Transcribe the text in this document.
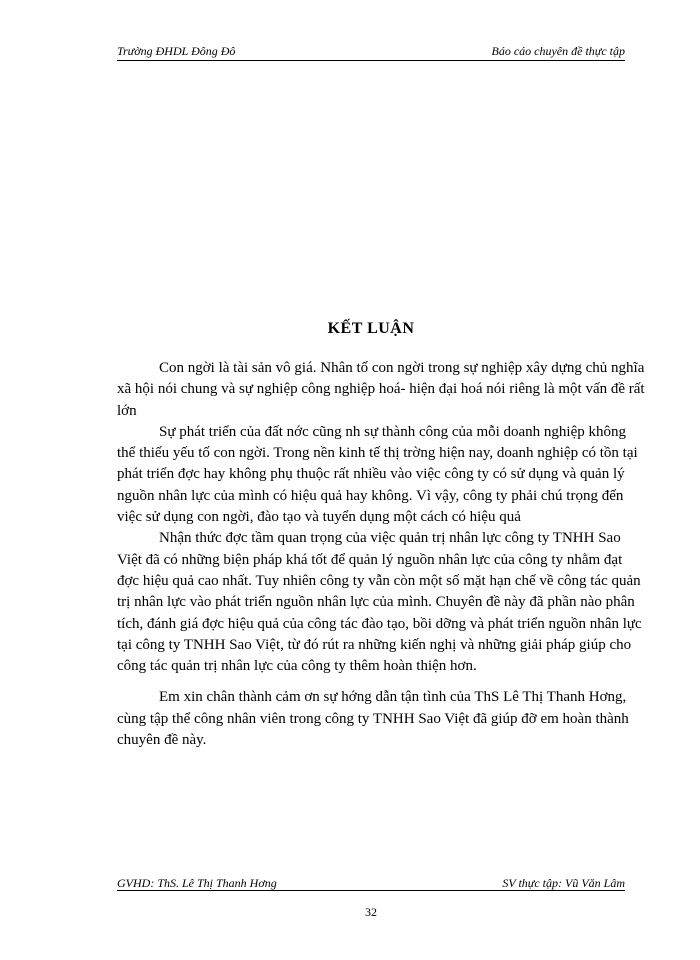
Trường ĐHDL Đông Đô	Báo cáo chuyên đề thực tập
KẾT LUẬN

Con ngời là tài sản vô giá. Nhân tố con ngời trong sự nghiệp xây dựng chủ nghĩa xã hội nói chung và sự nghiệp công nghiệp hoá- hiện đại hoá nói riêng là một vấn đề rất lớn

Sự phát triển của đất nớc cũng nh sự thành công của mỗi doanh nghiệp không thể thiếu yếu tố con ngời. Trong nền kinh tế thị trờng hiện nay, doanh nghiệp có tồn tại phát triển đợc hay không phụ thuộc rất nhiều vào việc công ty có sử dụng và quản lý nguồn nhân lực của mình có hiệu quả hay không. Vì vậy, công ty phải chú trọng đến việc sử dụng con ngời, đào tạo và tuyển dụng một cách có hiệu quả

Nhận thức đợc tầm quan trọng của việc quản trị nhân lực công ty TNHH Sao Việt đã có những biện pháp khá tốt để quản lý nguồn nhân lực của công ty nhằm đạt đợc hiệu quả cao nhất. Tuy nhiên công ty vẫn còn một số mặt hạn chế về công tác quản trị nhân lực vào phát triển nguồn nhân lực của mình. Chuyên đề này đã phần nào phân tích, đánh giá đợc hiệu quả của công tác đào tạo, bồi dỡng và phát triển nguồn nhân lực tại công ty TNHH Sao Việt, từ đó rút ra những kiến nghị và những giải pháp giúp cho công tác quản trị nhân lực của công ty thêm hoàn thiện hơn.

Em xin chân thành cảm ơn sự hớng dẫn tận tình của ThS Lê Thị Thanh Hơng, cùng tập thể công nhân viên trong công ty TNHH Sao Việt đã giúp đỡ em hoàn thành chuyên đề này.

GVHD: ThS. Lê Thị Thanh Hơng	SV thực tập: Vũ Văn Lâm
32
